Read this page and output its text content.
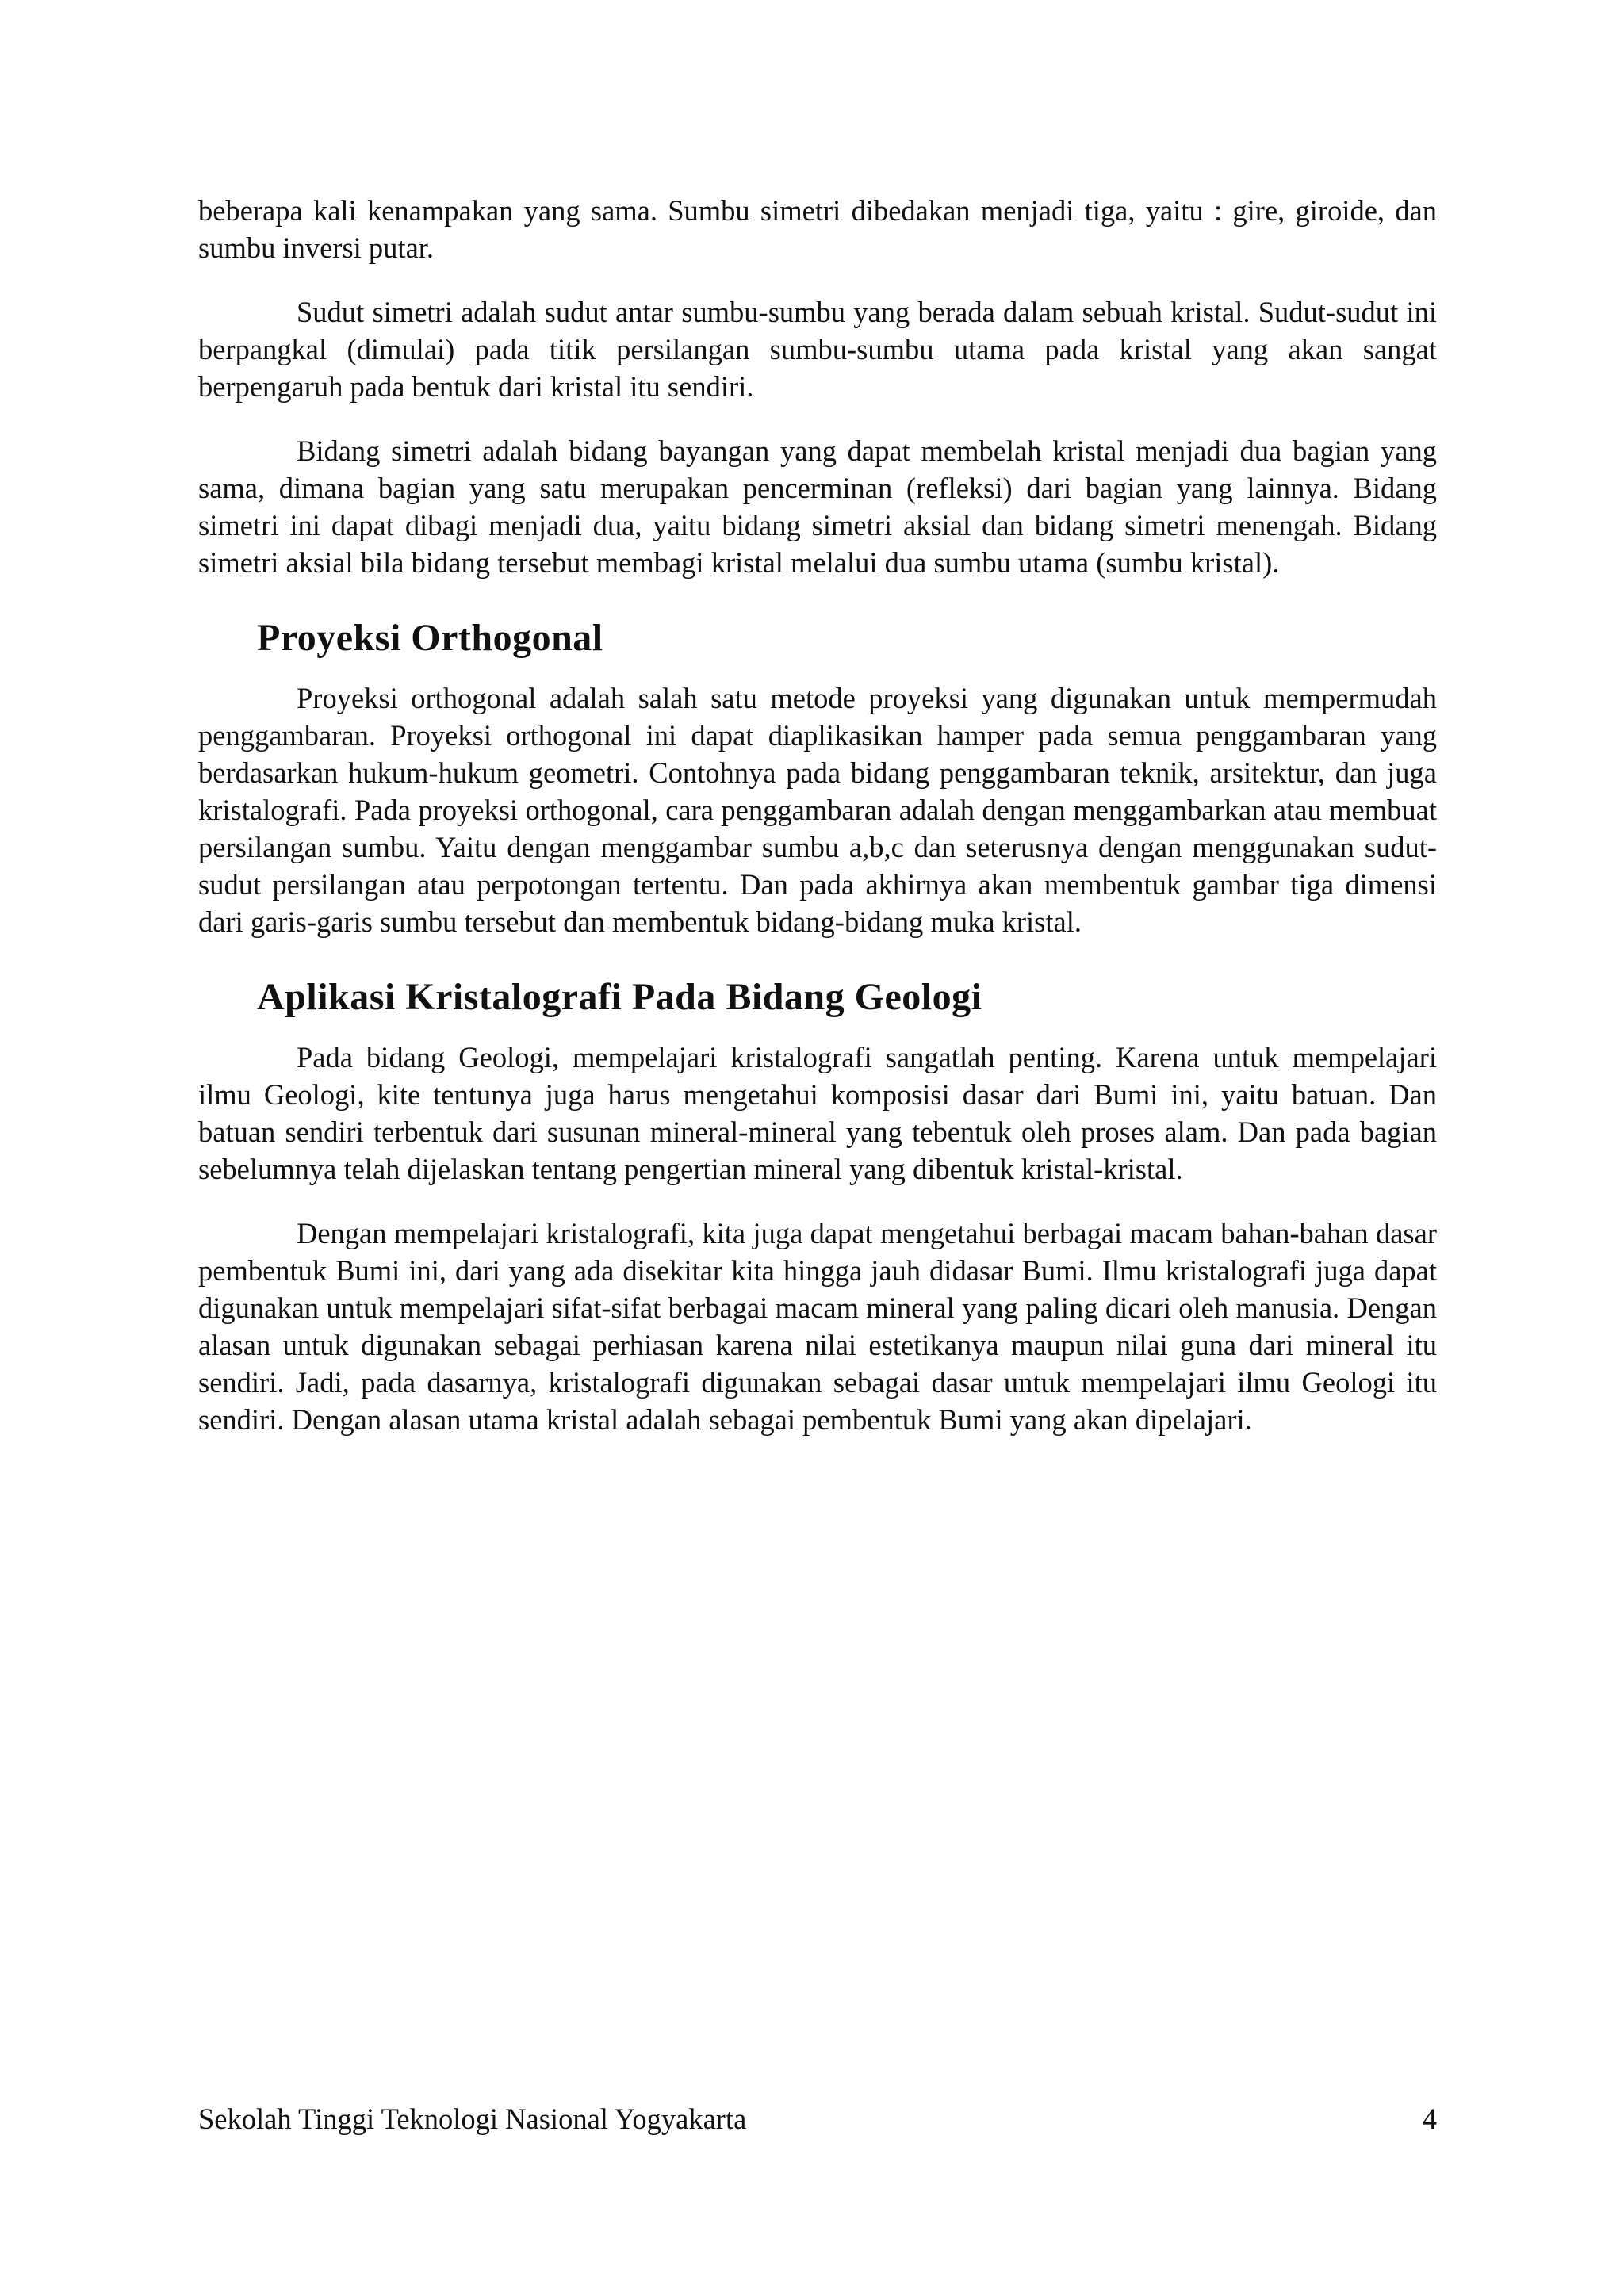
beberapa kali kenampakan yang sama. Sumbu simetri dibedakan menjadi tiga, yaitu : gire, giroide, dan sumbu inversi putar.

Sudut simetri adalah sudut antar sumbu-sumbu yang berada dalam sebuah kristal. Sudut-sudut ini berpangkal (dimulai) pada titik persilangan sumbu-sumbu utama pada kristal yang akan sangat berpengaruh pada bentuk dari kristal itu sendiri.

Bidang simetri adalah bidang bayangan yang dapat membelah kristal menjadi dua bagian yang sama, dimana bagian yang satu merupakan pencerminan (refleksi) dari bagian yang lainnya. Bidang simetri ini dapat dibagi menjadi dua, yaitu bidang simetri aksial dan bidang simetri menengah. Bidang simetri aksial bila bidang tersebut membagi kristal melalui dua sumbu utama (sumbu kristal).

Proyeksi Orthogonal

Proyeksi orthogonal adalah salah satu metode proyeksi yang digunakan untuk mempermudah penggambaran. Proyeksi orthogonal ini dapat diaplikasikan hamper pada semua penggambaran yang berdasarkan hukum-hukum geometri. Contohnya pada bidang penggambaran teknik, arsitektur, dan juga kristalografi. Pada proyeksi orthogonal, cara penggambaran adalah dengan menggambarkan atau membuat persilangan sumbu. Yaitu dengan menggambar sumbu a,b,c dan seterusnya dengan menggunakan sudut-sudut persilangan atau perpotongan tertentu. Dan pada akhirnya akan membentuk gambar tiga dimensi dari garis-garis sumbu tersebut dan membentuk bidang-bidang muka kristal.

Aplikasi Kristalografi Pada Bidang Geologi

Pada bidang Geologi, mempelajari kristalografi sangatlah penting. Karena untuk mempelajari ilmu Geologi, kite tentunya juga harus mengetahui komposisi dasar dari Bumi ini, yaitu batuan. Dan batuan sendiri terbentuk dari susunan mineral-mineral yang tebentuk oleh proses alam. Dan pada bagian sebelumnya telah dijelaskan tentang pengertian mineral yang dibentuk kristal-kristal.

Dengan mempelajari kristalografi, kita juga dapat mengetahui berbagai macam bahan-bahan dasar pembentuk Bumi ini, dari yang ada disekitar kita hingga jauh didasar Bumi. Ilmu kristalografi juga dapat digunakan untuk mempelajari sifat-sifat berbagai macam mineral yang paling dicari oleh manusia. Dengan alasan untuk digunakan sebagai perhiasan karena nilai estetikanya maupun nilai guna dari mineral itu sendiri. Jadi, pada dasarnya, kristalografi digunakan sebagai dasar untuk mempelajari ilmu Geologi itu sendiri. Dengan alasan utama kristal adalah sebagai pembentuk Bumi yang akan dipelajari.

Sekolah Tinggi Teknologi Nasional Yogyakarta	4
